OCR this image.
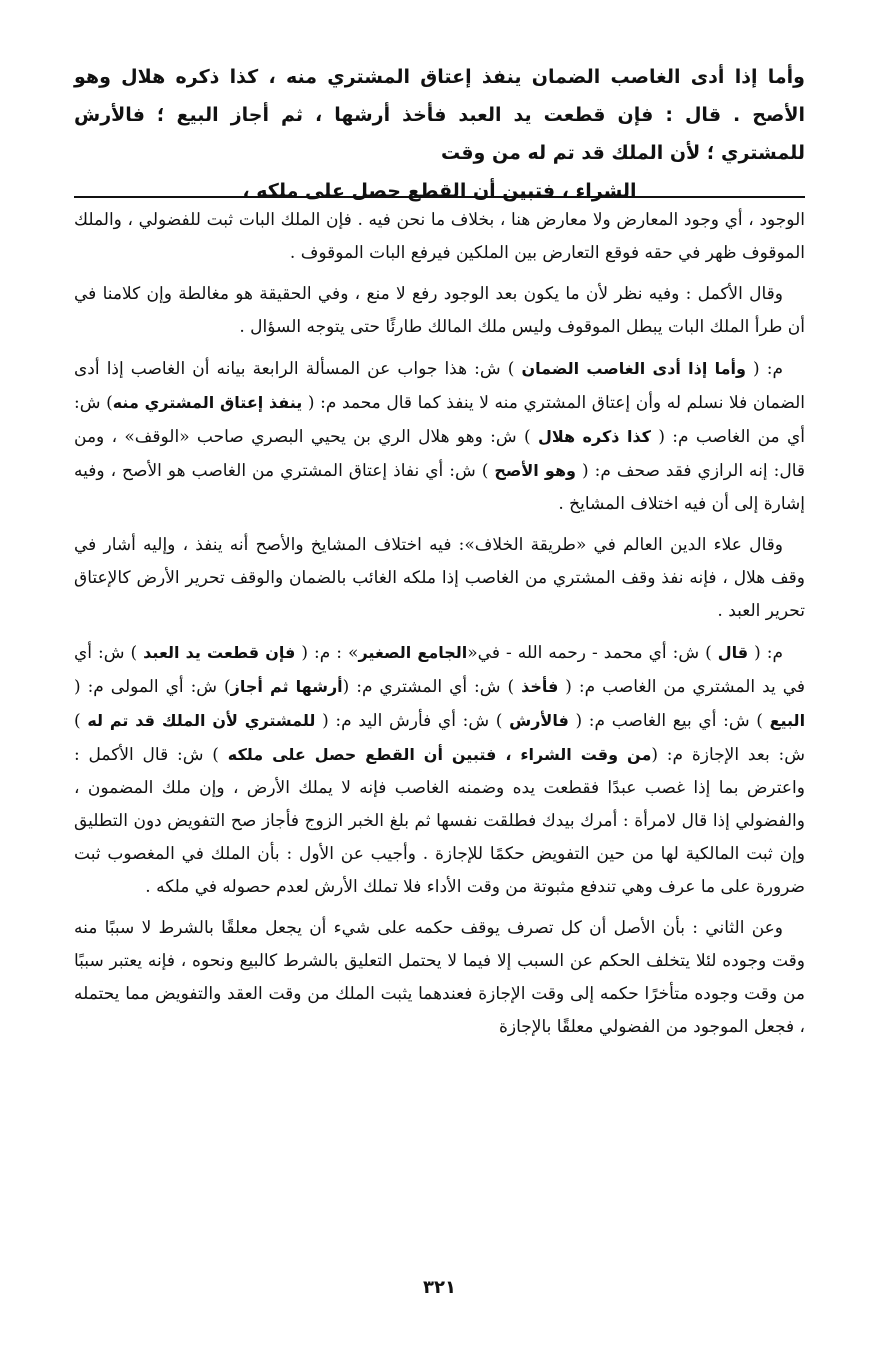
وأما إذا أدى الغاصب الضمان ينفذ إعتاق المشتري منه ، كذا ذكره هلال وهو الأصح . قال : فإن قطعت يد العبد فأخذ أرشها ، ثم أجاز البيع ؛ فالأرش للمشتري ؛ لأن الملك قد تم له من وقت
الشراء ، فتبين أن القطع حصل على ملكه ،

الوجود ، أي وجود المعارض ولا معارض هنا ، بخلاف ما نحن فيه . فإن الملك البات ثبت للفضولي ، والملك الموقوف ظهر في حقه فوقع التعارض بين الملكين فيرفع البات الموقوف .

وقال الأكمل : وفيه نظر لأن ما يكون بعد الوجود رفع لا منع ، وفي الحقيقة هو مغالطة وإن كلامنا في أن طرأ الملك البات يبطل الموقوف وليس ملك المالك طارئًا حتى يتوجه السؤال .

م: ( وأما إذا أدى الغاصب الضمان ) ش: هذا جواب عن المسألة الرابعة بيانه أن الغاصب إذا أدى الضمان فلا نسلم له وأن إعتاق المشتري منه لا ينفذ كما قال محمد م: ( ينفذ إعتاق المشتري منه) ش: أي من الغاصب م: ( كذا ذكره هلال ) ش: وهو هلال الري بن يحيي البصري صاحب «الوقف» ، ومن قال: إنه الرازي فقد صحف م: ( وهو الأصح ) ش: أي نفاذ إعتاق المشتري من الغاصب هو الأصح ، وفيه إشارة إلى أن فيه اختلاف المشايخ .

وقال علاء الدين العالم في «طريقة الخلاف»: فيه اختلاف المشايخ والأصح أنه ينفذ ، وإليه أشار في وقف هلال ، فإنه نفذ وقف المشتري من الغاصب إذا ملكه الغائب بالضمان والوقف تحرير الأرض كالإعتاق تحرير العبد .

م: ( قال ) ش: أي محمد - رحمه الله - في«الجامع الصغير» : م: ( فإن قطعت يد العبد ) ش: أي في يد المشتري من الغاصب م: ( فأخذ ) ش: أي المشتري م: (أرشها ثم أجاز) ش: أي المولى م: ( البيع ) ش: أي بيع الغاصب م: ( فالأرش ) ش: أي فأرش اليد م: ( للمشتري لأن الملك قد تم له ) ش: بعد الإجازة م: (من وقت الشراء ، فتبين أن القطع حصل على ملكه ) ش: قال الأكمل : واعترض بما إذا غصب عبدًا فقطعت يده وضمنه الغاصب فإنه لا يملك الأرض ، وإن ملك المضمون ، والفضولي إذا قال لامرأة : أمرك بيدك فطلقت نفسها ثم بلغ الخبر الزوج فأجاز صح التفويض دون التطليق وإن ثبت المالكية لها من حين التفويض حكمًا للإجازة . وأجيب عن الأول : بأن الملك في المغصوب ثبت ضرورة على ما عرف وهي تندفع مثبوتة من وقت الأداء فلا تملك الأرش لعدم حصوله في ملكه .

وعن الثاني : بأن الأصل أن كل تصرف يوقف حكمه على شيء أن يجعل معلقًا بالشرط لا سببًا منه وقت وجوده لئلا يتخلف الحكم عن السبب إلا فيما لا يحتمل التعليق بالشرط كالبيع ونحوه ، فإنه يعتبر سببًا من وقت وجوده متأخرًا حكمه إلى وقت الإجازة فعندهما يثبت الملك من وقت العقد والتفويض مما يحتمله ، فجعل الموجود من الفضولي معلقًا بالإجازة

٣٢١
